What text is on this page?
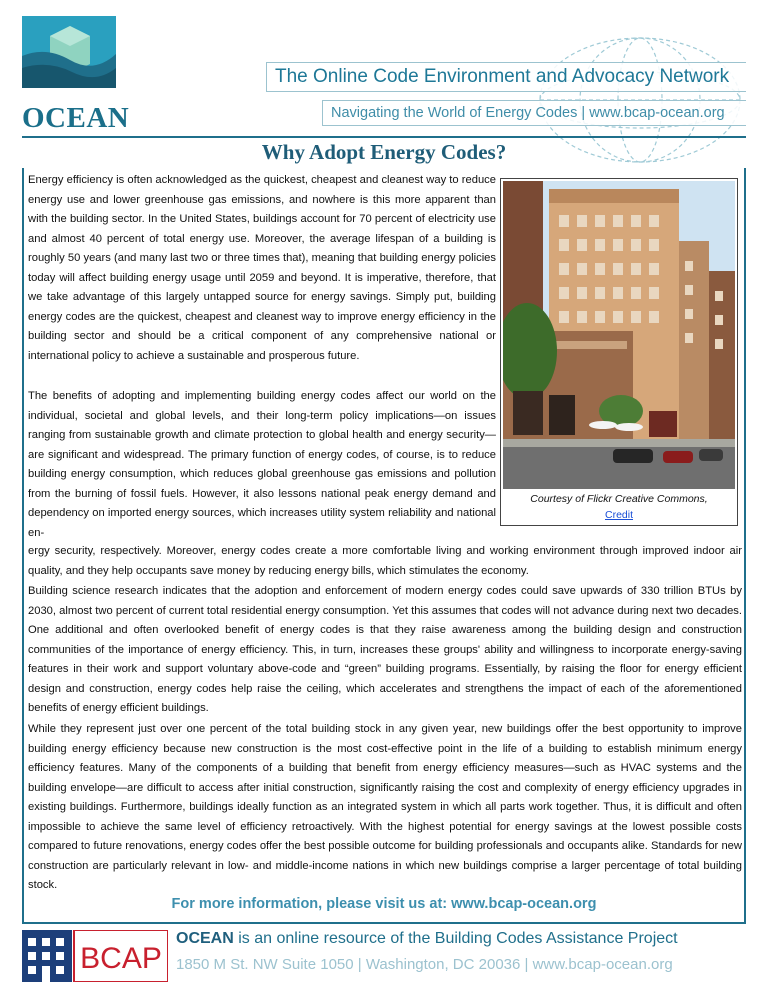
OCEAN
The Online Code Environment and Advocacy Network
Navigating the World of Energy Codes | www.bcap-ocean.org
Why Adopt Energy Codes?

Energy efficiency is often acknowledged as the quickest, cheapest and cleanest way to reduce energy use and lower greenhouse gas emissions, and nowhere is this more apparent than with the building sector. In the United States, buildings account for 70 percent of electricity use and almost 40 percent of total energy use. Moreover, the average lifespan of a building is roughly 50 years (and many last two or three times that), meaning that building energy policies today will affect building energy usage until 2059 and beyond. It is imperative, therefore, that we take advantage of this largely untapped source for energy savings. Simply put, building energy codes are the quickest, cheapest and cleanest way to improve energy efficiency in the building sector and should be a critical component of any comprehensive national or international policy to achieve a sustainable and prosperous future.

The benefits of adopting and implementing building energy codes affect our world on the individual, societal and global levels, and their long-term policy implications—on issues ranging from sustainable growth and climate protection to global health and energy security—are significant and widespread. The primary function of energy codes, of course, is to reduce building energy consumption, which reduces global greenhouse gas emissions and pollution from the burning of fossil fuels. However, it also lessons national peak energy demand and dependency on imported energy sources, which increases utility system reliability and national en-

ergy security, respectively. Moreover, energy codes create a more comfortable living and working environment through improved indoor air quality, and they help occupants save money by reducing energy bills, which stimulates the economy.

Building science research indicates that the adoption and enforcement of modern energy codes could save upwards of 330 trillion BTUs by 2030, almost two percent of current total residential energy consumption. Yet this assumes that codes will not advance during next two decades. One additional and often overlooked benefit of energy codes is that they raise awareness among the building design and construction communities of the importance of energy efficiency. This, in turn, increases these groups' ability and willingness to incorporate energy-saving features in their work and support voluntary above-code and “green” building programs. Essentially, by raising the floor for energy efficient design and construction, energy codes help raise the ceiling, which accelerates and strengthens the impact of each of the aforementioned benefits of energy efficient buildings.

While they represent just over one percent of the total building stock in any given year, new buildings offer the best opportunity to improve building energy efficiency because new construction is the most cost-effective point in the life of a building to establish minimum energy efficiency features. Many of the components of a building that benefit from energy efficiency measures—such as HVAC systems and the building envelope—are difficult to access after initial construction, significantly raising the cost and complexity of energy efficiency upgrades in existing buildings. Furthermore, buildings ideally function as an integrated system in which all parts work together. Thus, it is difficult and often impossible to achieve the same level of efficiency retroactively. With the highest potential for energy savings at the lowest possible costs compared to future renovations, energy codes offer the best possible outcome for building professionals and occupants alike. Standards for new construction are particularly relevant in low- and middle-income nations in which new buildings comprise a larger percentage of total building stock.

Courtesy of Flickr Creative Commons,
Credit
For more information, please visit us at: www.bcap-ocean.org
BCAP
OCEAN is an online resource of the Building Codes Assistance Project
1850 M St. NW Suite 1050 | Washington, DC 20036 | www.bcap-ocean.org
